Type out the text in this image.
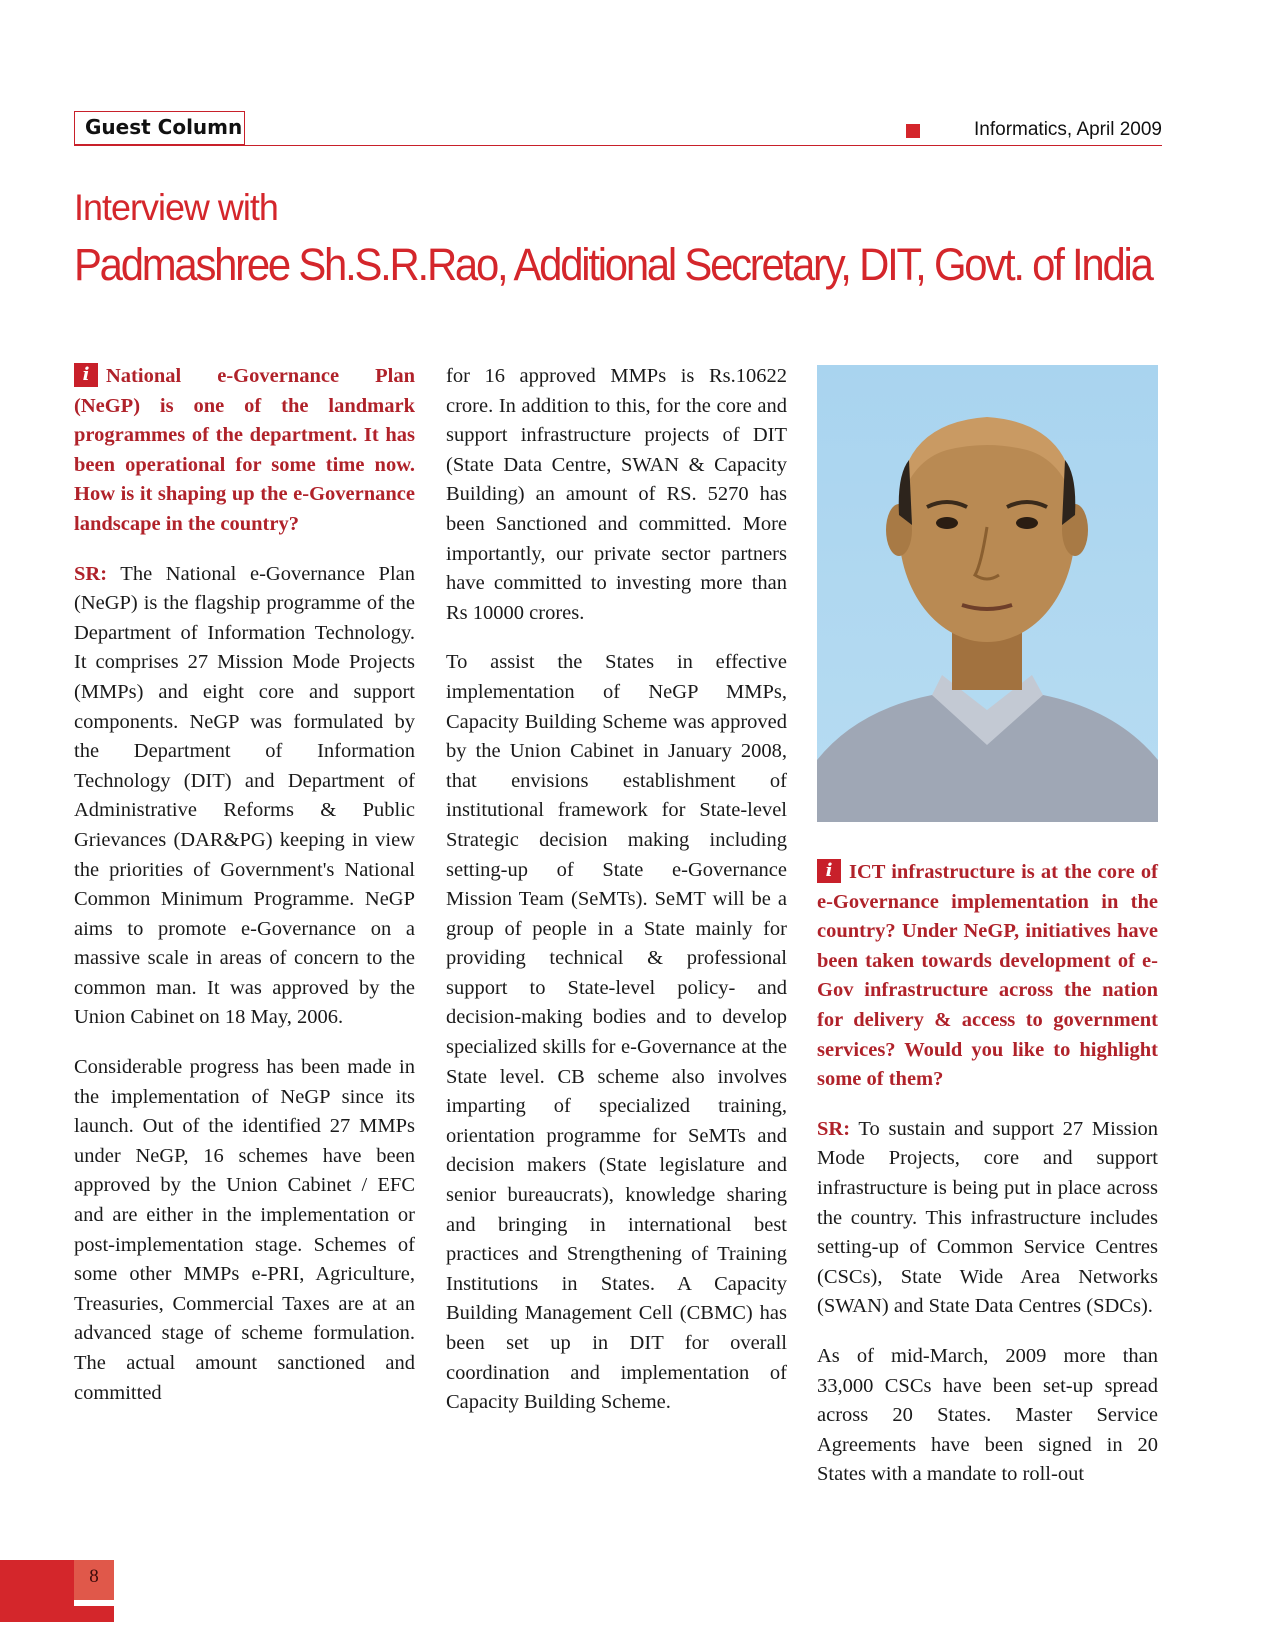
Guest Column	Informatics, April 2009
Interview with
Padmashree Sh.S.R.Rao, Additional Secretary, DIT, Govt. of India

i National e-Governance Plan (NeGP) is one of the landmark programmes of the department. It has been operational for some time now. How is it shaping up the e-Governance landscape in the country?

SR: The National e-Governance Plan (NeGP) is the flagship programme of the Department of Information Technology. It comprises 27 Mission Mode Projects (MMPs) and eight core and support components. NeGP was formulated by the Department of Information Technology (DIT) and Department of Administrative Reforms & Public Grievances (DAR&PG) keeping in view the priorities of Government's National Common Minimum Programme. NeGP aims to promote e-Governance on a massive scale in areas of concern to the common man. It was approved by the Union Cabinet on 18 May, 2006.

Considerable progress has been made in the implementation of NeGP since its launch. Out of the identified 27 MMPs under NeGP, 16 schemes have been approved by the Union Cabinet / EFC and are either in the implementation or post-implementation stage. Schemes of some other MMPs e-PRI, Agriculture, Treasuries, Commercial Taxes are at an advanced stage of scheme formulation. The actual amount sanctioned and committed

for 16 approved MMPs is Rs.10622 crore. In addition to this, for the core and support infrastructure projects of DIT (State Data Centre, SWAN & Capacity Building) an amount of RS. 5270 has been Sanctioned and committed. More importantly, our private sector partners have committed to investing more than Rs 10000 crores.

To assist the States in effective implementation of NeGP MMPs, Capacity Building Scheme was approved by the Union Cabinet in January 2008, that envisions establishment of institutional framework for State-level Strategic decision making including setting-up of State e-Governance Mission Team (SeMTs). SeMT will be a group of people in a State mainly for providing technical & professional support to State-level policy- and decision-making bodies and to develop specialized skills for e-Governance at the State level. CB scheme also involves imparting of specialized training, orientation programme for SeMTs and decision makers (State legislature and senior bureaucrats), knowledge sharing and bringing in international best practices and Strengthening of Training Institutions in States. A Capacity Building Management Cell (CBMC) has been set up in DIT for overall coordination and implementation of Capacity Building Scheme.

i ICT infrastructure is at the core of e-Governance implementation in the country? Under NeGP, initiatives have been taken towards development of e-Gov infrastructure across the nation for delivery & access to government services? Would you like to highlight some of them?

SR: To sustain and support 27 Mission Mode Projects, core and support infrastructure is being put in place across the country. This infrastructure includes setting-up of Common Service Centres (CSCs), State Wide Area Networks (SWAN) and State Data Centres (SDCs).

As of mid-March, 2009 more than 33,000 CSCs have been set-up spread across 20 States. Master Service Agreements have been signed in 20 States with a mandate to roll-out

8
